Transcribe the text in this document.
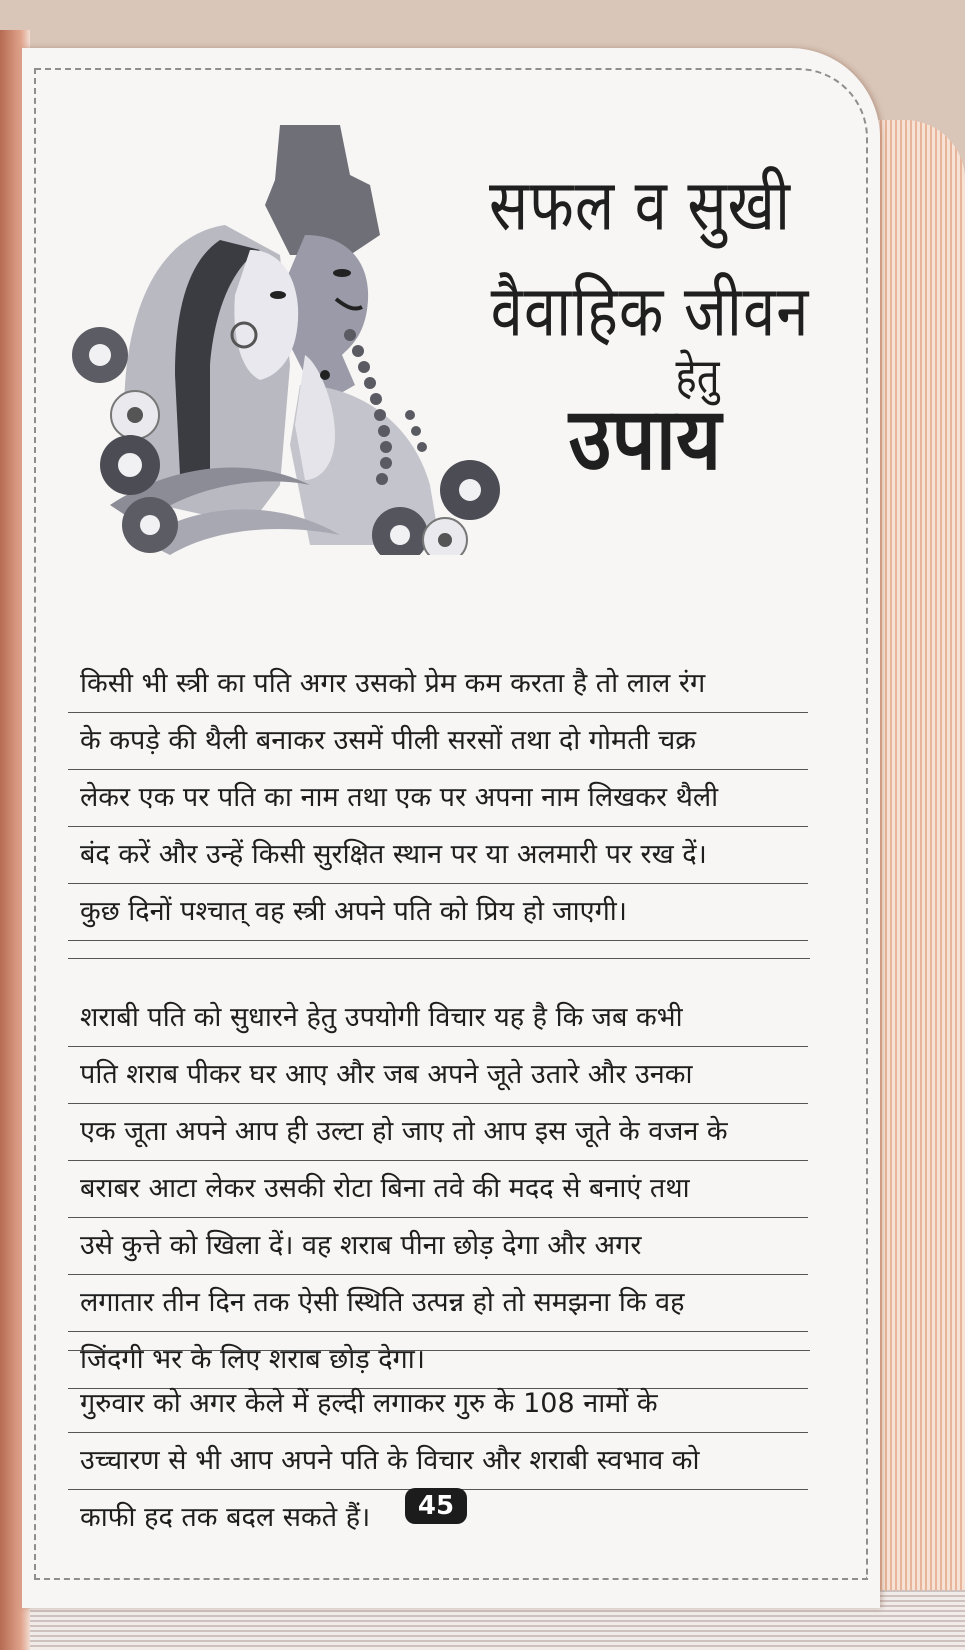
सफल व सुखी
वैवाहिक जीवन
हेतु
उपाय
किसी भी स्त्री का पति अगर उसको प्रेम कम करता है तो लाल रंग
के कपड़े की थैली बनाकर उसमें पीली सरसों तथा दो गोमती चक्र
लेकर एक पर पति का नाम तथा एक पर अपना नाम लिखकर थैली
बंद करें और उन्हें किसी सुरक्षित स्थान पर या अलमारी पर रख दें।
कुछ दिनों पश्चात् वह स्त्री अपने पति को प्रिय हो जाएगी।
शराबी पति को सुधारने हेतु उपयोगी विचार यह है कि जब कभी
पति शराब पीकर घर आए और जब अपने जूते उतारे और उनका
एक जूता अपने आप ही उल्टा हो जाए तो आप इस जूते के वजन के
बराबर आटा लेकर उसकी रोटा बिना तवे की मदद से बनाएं तथा
उसे कुत्ते को खिला दें। वह शराब पीना छोड़ देगा और अगर
लगातार तीन दिन तक ऐसी स्थिति उत्पन्न हो तो समझना कि वह
जिंदगी भर के लिए शराब छोड़ देगा।
गुरुवार को अगर केले में हल्दी लगाकर गुरु के 108 नामों के
उच्चारण से भी आप अपने पति के विचार और शराबी स्वभाव को
काफी हद तक बदल सकते हैं।	45
